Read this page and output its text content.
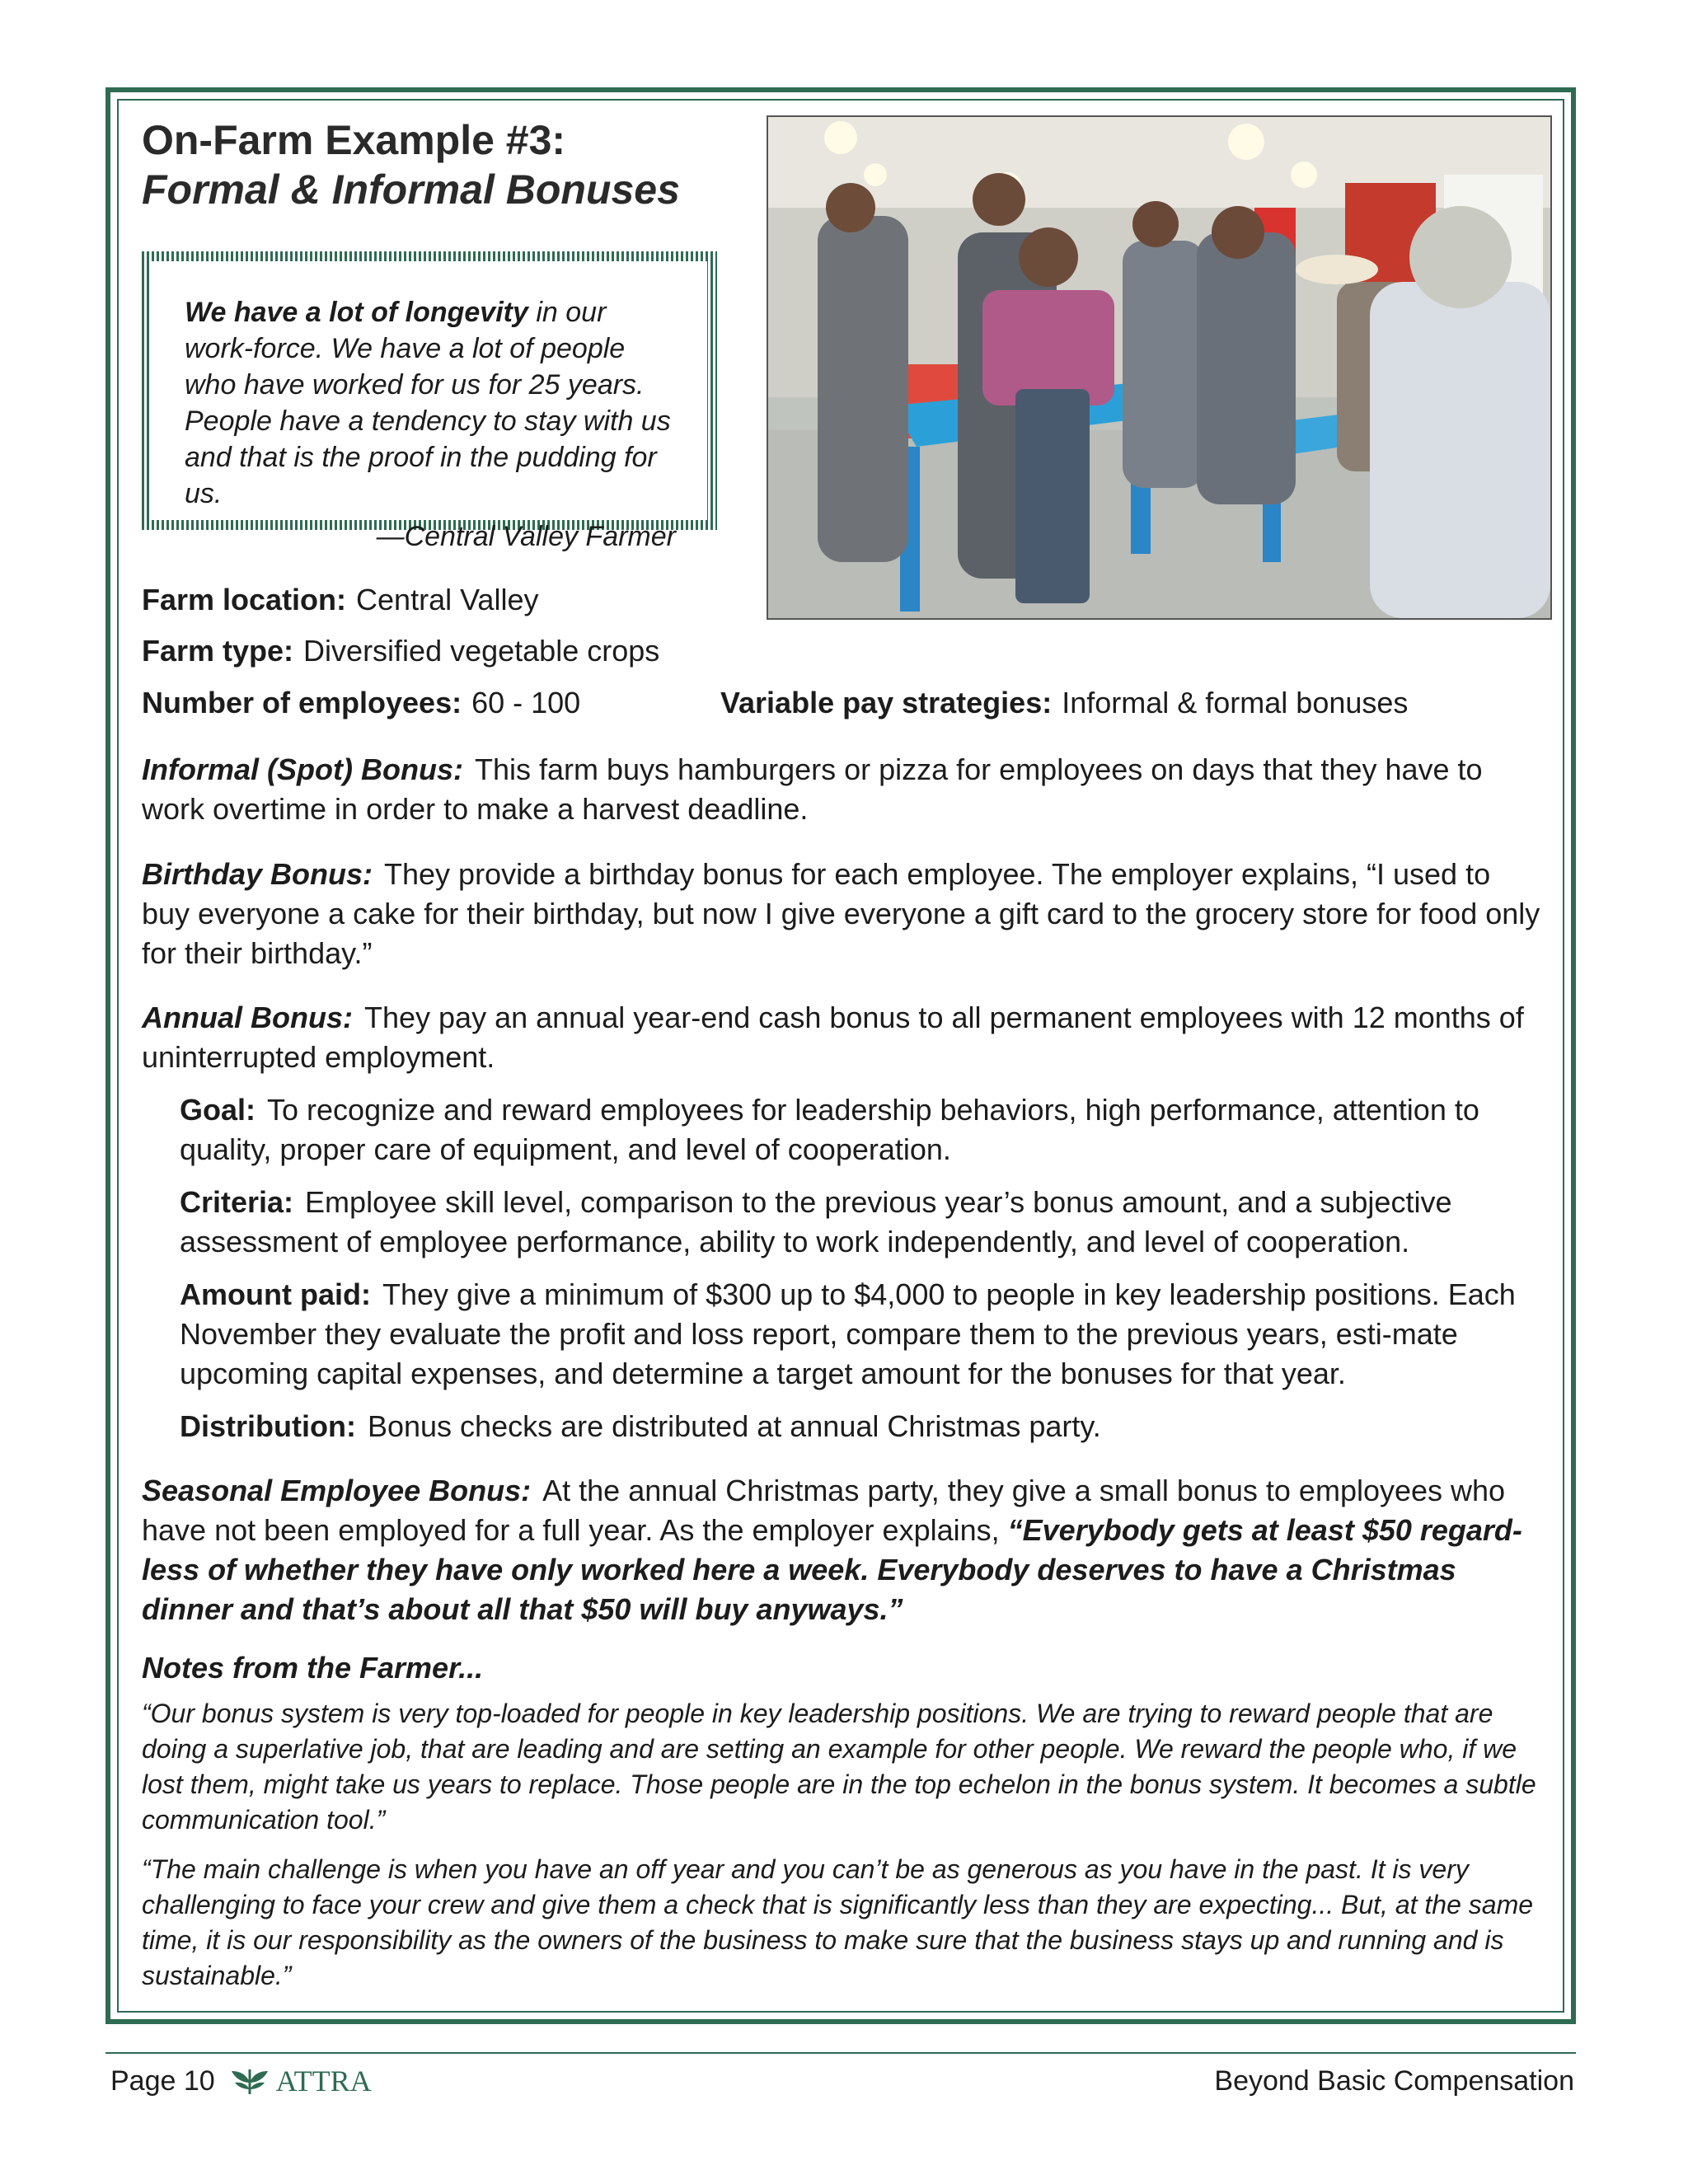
On-Farm Example #3:
Formal & Informal Bonuses
We have a lot of longevity in our work-force. We have a lot of people who have worked for us for 25 years. People have a tendency to stay with us and that is the proof in the pudding for us.
—Central Valley Farmer
Farm location: Central Valley
Farm type: Diversified vegetable crops
Number of employees: 60 - 100	Variable pay strategies: Informal & formal bonuses
Informal (Spot) Bonus: This farm buys hamburgers or pizza for employees on days that they have to work overtime in order to make a harvest deadline.
Birthday Bonus: They provide a birthday bonus for each employee. The employer explains, “I used to buy everyone a cake for their birthday, but now I give everyone a gift card to the grocery store for food only for their birthday.”
Annual Bonus: They pay an annual year-end cash bonus to all permanent employees with 12 months of uninterrupted employment.
Goal: To recognize and reward employees for leadership behaviors, high performance, attention to quality, proper care of equipment, and level of cooperation.
Criteria: Employee skill level, comparison to the previous year’s bonus amount, and a subjective assessment of employee performance, ability to work independently, and level of cooperation.
Amount paid: They give a minimum of $300 up to $4,000 to people in key leadership positions. Each November they evaluate the profit and loss report, compare them to the previous years, esti-mate upcoming capital expenses, and determine a target amount for the bonuses for that year.
Distribution: Bonus checks are distributed at annual Christmas party.
Seasonal Employee Bonus: At the annual Christmas party, they give a small bonus to employees who have not been employed for a full year. As the employer explains, “Everybody gets at least $50 regard-less of whether they have only worked here a week. Everybody deserves to have a Christmas dinner and that’s about all that $50 will buy anyways.”
Notes from the Farmer...
“Our bonus system is very top-loaded for people in key leadership positions. We are trying to reward people that are doing a superlative job, that are leading and are setting an example for other people. We reward the people who, if we lost them, might take us years to replace. Those people are in the top echelon in the bonus system. It becomes a subtle communication tool.”
“The main challenge is when you have an off year and you can’t be as generous as you have in the past. It is very challenging to face your crew and give them a check that is significantly less than they are expecting... But, at the same time, it is our responsibility as the owners of the business to make sure that the business stays up and running and is sustainable.”
Page 10 ATTRA	Beyond Basic Compensation
